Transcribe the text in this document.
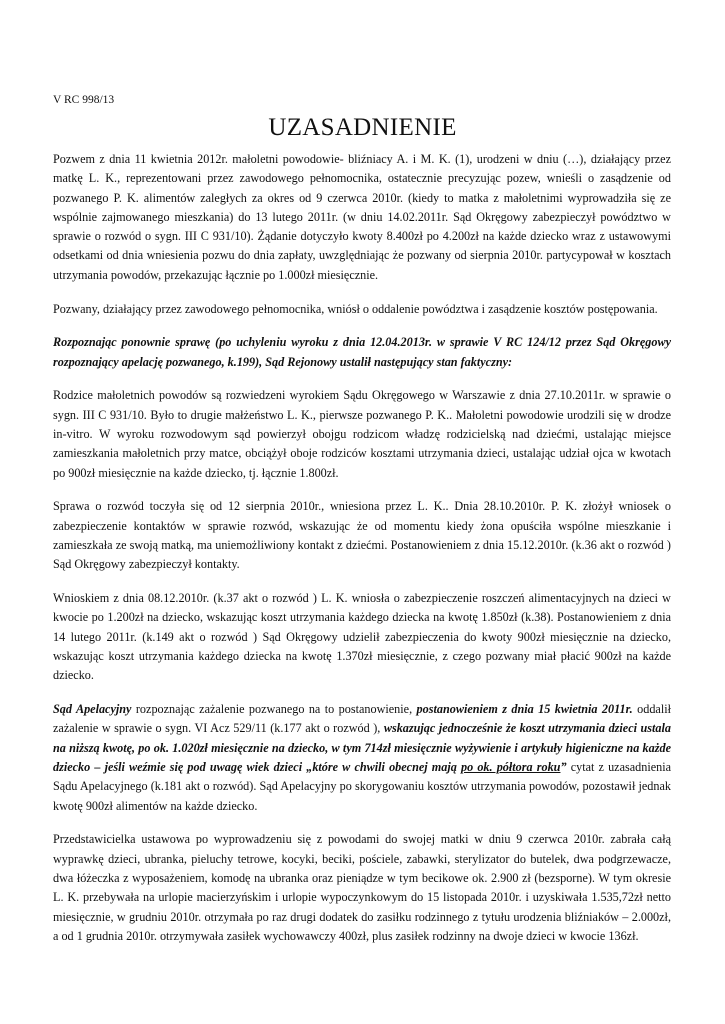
V RC 998/13
UZASADNIENIE

Pozwem z dnia 11 kwietnia 2012r. małoletni powodowie- bliźniacy A. i M. K. (1), urodzeni w dniu (…), działający przez matkę L. K., reprezentowani przez zawodowego pełnomocnika, ostatecznie precyzując pozew, wnieśli o zasądzenie od pozwanego P. K. alimentów zaległych za okres od 9 czerwca 2010r. (kiedy to matka z małoletnimi wyprowadziła się ze wspólnie zajmowanego mieszkania) do 13 lutego 2011r. (w dniu 14.02.2011r. Sąd Okręgowy zabezpieczył powództwo w sprawie o rozwód o sygn. III C 931/10). Żądanie dotyczyło kwoty 8.400zł po 4.200zł na każde dziecko wraz z ustawowymi odsetkami od dnia wniesienia pozwu do dnia zapłaty, uwzględniając że pozwany od sierpnia 2010r. partycypował w kosztach utrzymania powodów, przekazując łącznie po 1.000zł miesięcznie.

Pozwany, działający przez zawodowego pełnomocnika, wniósł o oddalenie powództwa i zasądzenie kosztów postępowania.

Rozpoznając ponownie sprawę (po uchyleniu wyroku z dnia 12.04.2013r. w sprawie V RC 124/12 przez Sąd Okręgowy rozpoznający apelację pozwanego, k.199), Sąd Rejonowy ustalił następujący stan faktyczny:

Rodzice małoletnich powodów są rozwiedzeni wyrokiem Sądu Okręgowego w Warszawie z dnia 27.10.2011r. w sprawie o sygn. III C 931/10. Było to drugie małżeństwo L. K., pierwsze pozwanego P. K.. Małoletni powodowie urodzili się w drodze in-vitro. W wyroku rozwodowym sąd powierzył obojgu rodzicom władzę rodzicielską nad dziećmi, ustalając miejsce zamieszkania małoletnich przy matce, obciążył oboje rodziców kosztami utrzymania dzieci, ustalając udział ojca w kwotach po 900zł miesięcznie na każde dziecko, tj. łącznie 1.800zł.

Sprawa o rozwód toczyła się od 12 sierpnia 2010r., wniesiona przez L. K.. Dnia 28.10.2010r. P. K. złożył wniosek o zabezpieczenie kontaktów w sprawie rozwód, wskazując że od momentu kiedy żona opuściła wspólne mieszkanie i zamieszkała ze swoją matką, ma uniemożliwiony kontakt z dziećmi. Postanowieniem z dnia 15.12.2010r. (k.36 akt o rozwód ) Sąd Okręgowy zabezpieczył kontakty.

Wnioskiem z dnia 08.12.2010r. (k.37 akt o rozwód ) L. K. wniosła o zabezpieczenie roszczeń alimentacyjnych na dzieci w kwocie po 1.200zł na dziecko, wskazując koszt utrzymania każdego dziecka na kwotę 1.850zł (k.38). Postanowieniem z dnia 14 lutego 2011r. (k.149 akt o rozwód ) Sąd Okręgowy udzielił zabezpieczenia do kwoty 900zł miesięcznie na dziecko, wskazując koszt utrzymania każdego dziecka na kwotę 1.370zł miesięcznie, z czego pozwany miał płacić 900zł na każde dziecko.

Sąd Apelacyjny rozpoznając zażalenie pozwanego na to postanowienie, postanowieniem z dnia 15 kwietnia 2011r. oddalił zażalenie w sprawie o sygn. VI Acz 529/11 (k.177 akt o rozwód ), wskazując jednocześnie że koszt utrzymania dzieci ustala na niższą kwotę, po ok. 1.020zł miesięcznie na dziecko, w tym 714zł miesięcznie wyżywienie i artykuły higieniczne na każde dziecko – jeśli weźmie się pod uwagę wiek dzieci „które w chwili obecnej mają po ok. półtora roku” cytat z uzasadnienia Sądu Apelacyjnego (k.181 akt o rozwód). Sąd Apelacyjny po skorygowaniu kosztów utrzymania powodów, pozostawił jednak kwotę 900zł alimentów na każde dziecko.

Przedstawicielka ustawowa po wyprowadzeniu się z powodami do swojej matki w dniu 9 czerwca 2010r. zabrała całą wyprawkę dzieci, ubranka, pieluchy tetrowe, kocyki, beciki, pościele, zabawki, sterylizator do butelek, dwa podgrzewacze, dwa łóżeczka z wyposażeniem, komodę na ubranka oraz pieniądze w tym becikowe ok. 2.900 zł (bezsporne). W tym okresie L. K. przebywała na urlopie macierzyńskim i urlopie wypoczynkowym do 15 listopada 2010r. i uzyskiwała 1.535,72zł netto miesięcznie, w grudniu 2010r. otrzymała po raz drugi dodatek do zasiłku rodzinnego z tytułu urodzenia bliźniaków – 2.000zł, a od 1 grudnia 2010r. otrzymywała zasiłek wychowawczy 400zł, plus zasiłek rodzinny na dwoje dzieci w kwocie 136zł.
